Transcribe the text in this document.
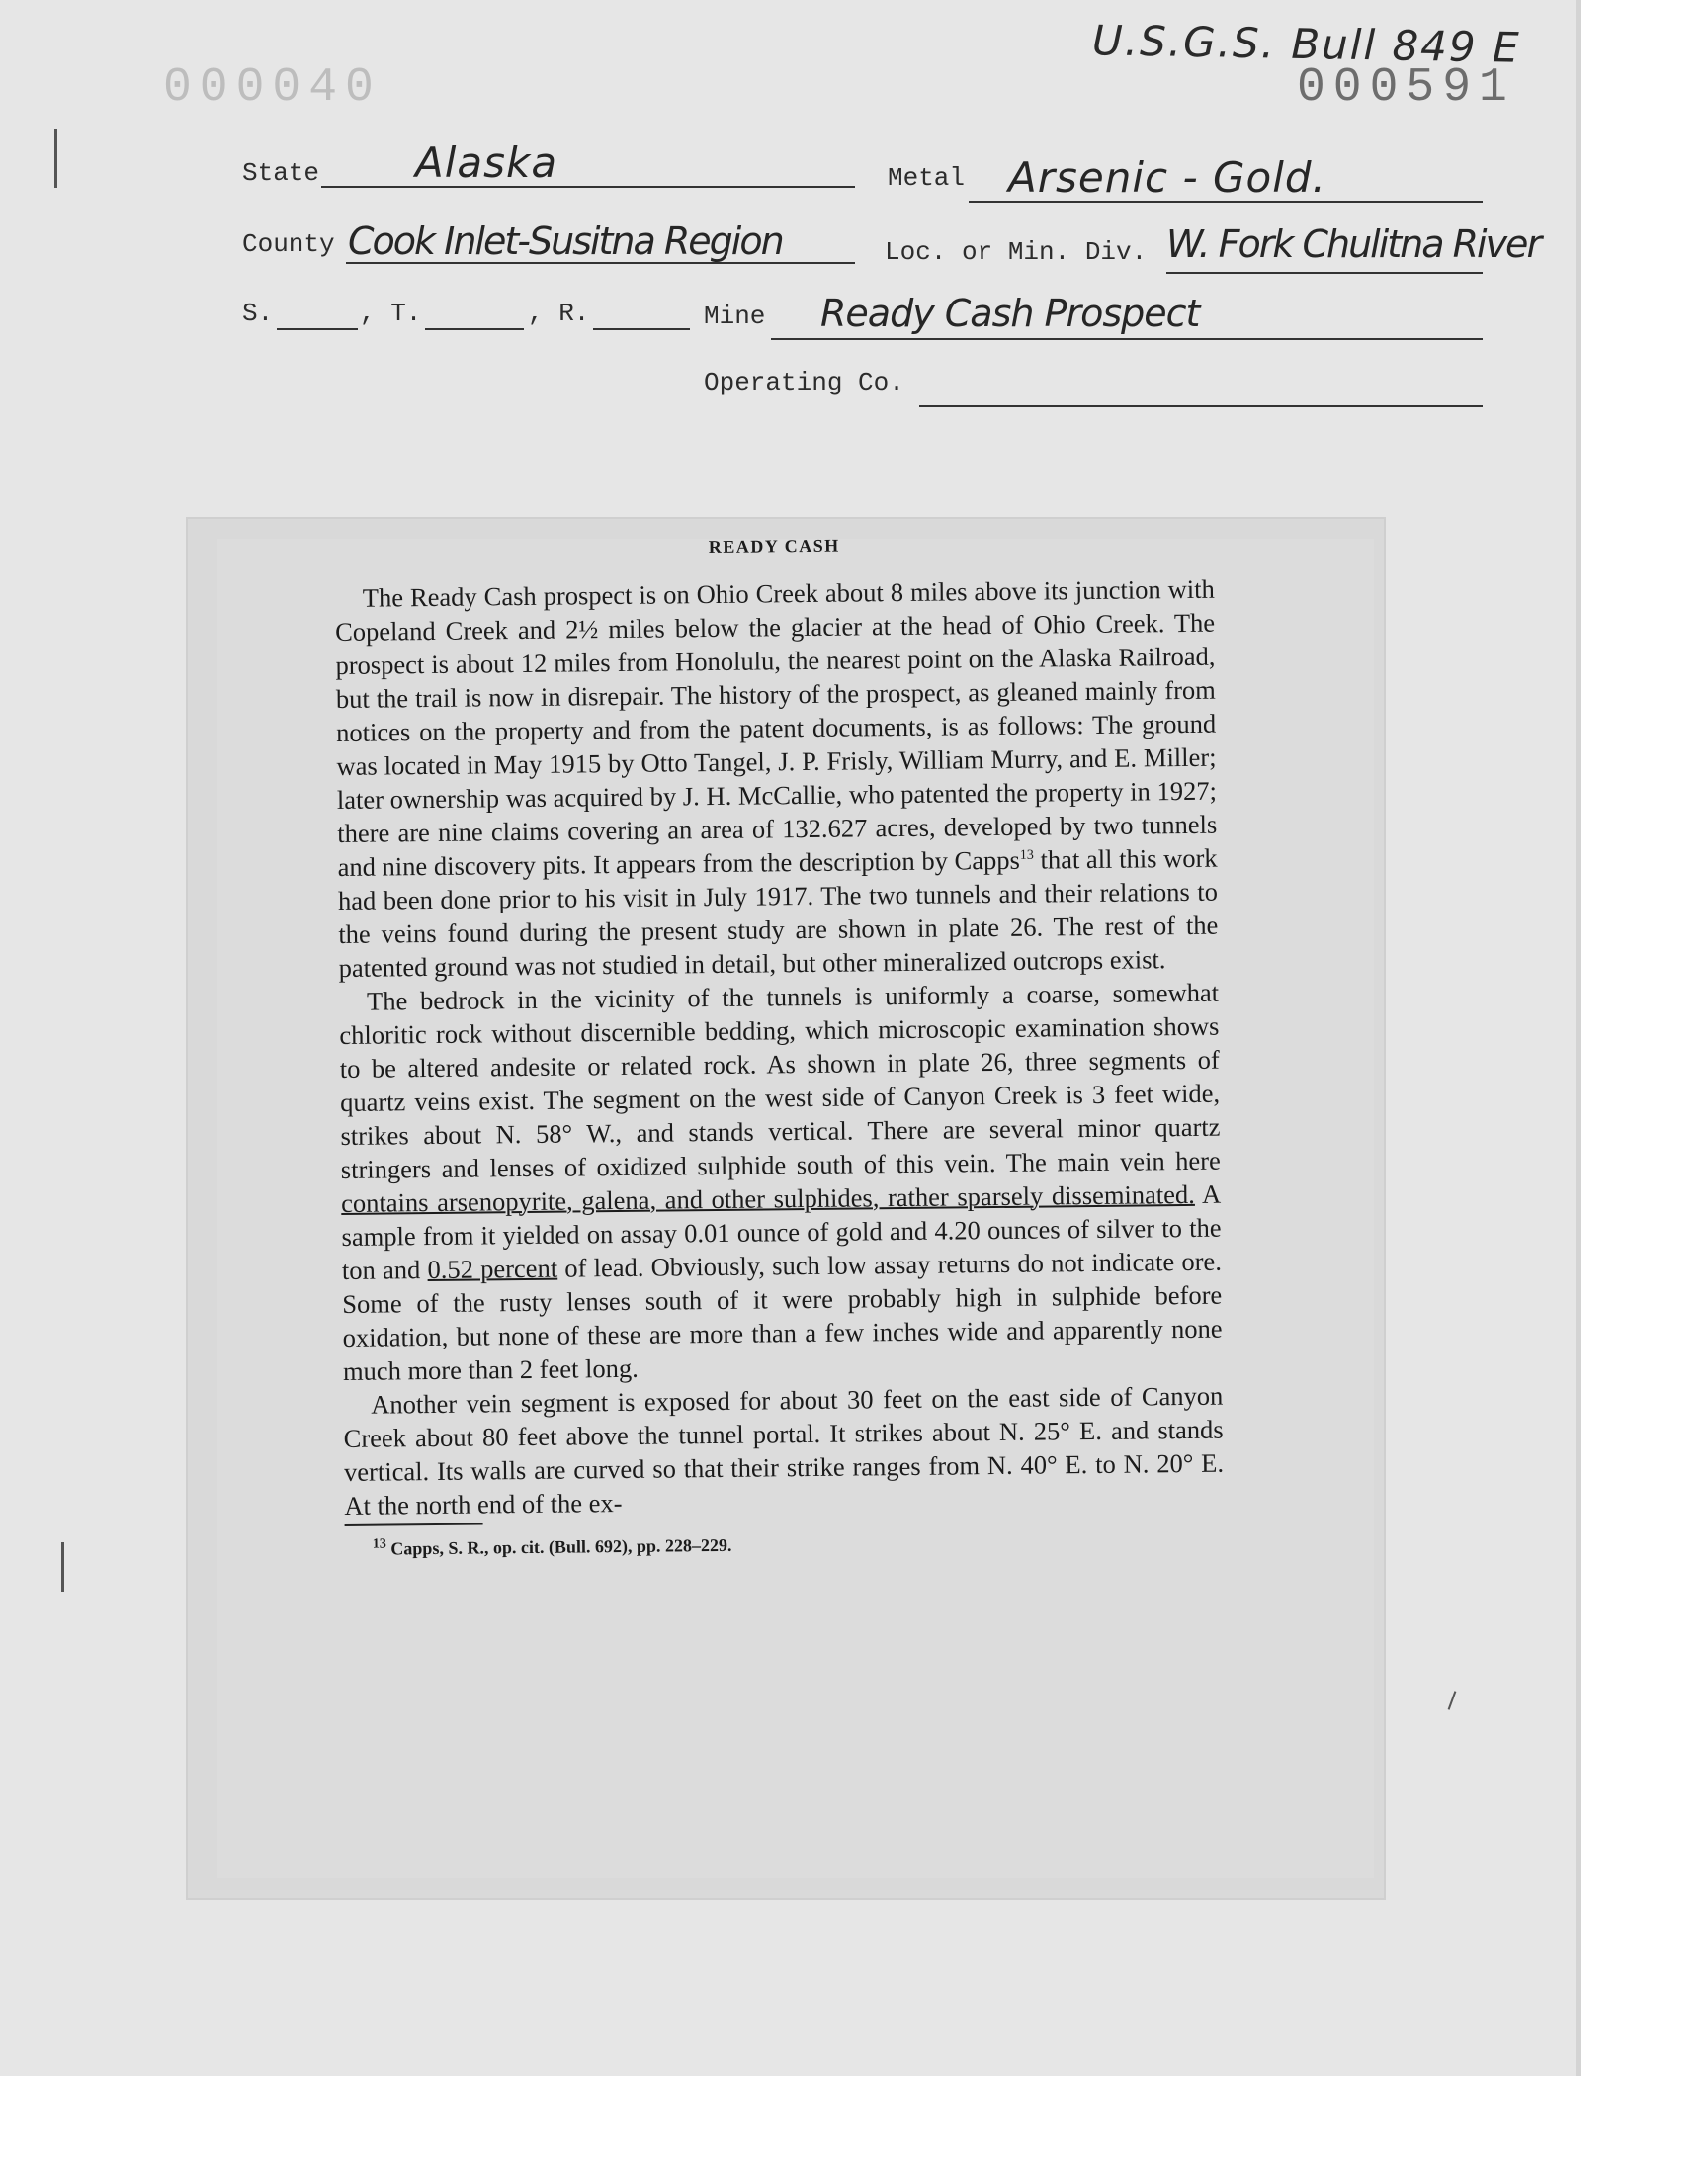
U.S.G.S. Bull 849 E
000040	000591
State Alaska	Metal Arsenic - Gold.
County Cook Inlet-Susitna Region	Loc. or Min. Div. W. Fork Chulitna River
S.	, T.	, R.	Mine Ready Cash Prospect
Operating Co.
READY CASH

The Ready Cash prospect is on Ohio Creek about 8 miles above its junction with Copeland Creek and 2½ miles below the glacier at the head of Ohio Creek. The prospect is about 12 miles from Honolulu, the nearest point on the Alaska Railroad, but the trail is now in disrepair. The history of the prospect, as gleaned mainly from notices on the property and from the patent documents, is as follows: The ground was located in May 1915 by Otto Tangel, J. P. Frisly, William Murry, and E. Miller; later ownership was acquired by J. H. McCallie, who patented the property in 1927; there are nine claims covering an area of 132.627 acres, developed by two tunnels and nine discovery pits. It appears from the description by Capps$^{13}$ that all this work had been done prior to his visit in July 1917. The two tunnels and their relations to the veins found during the present study are shown in plate 26. The rest of the patented ground was not studied in detail, but other mineralized outcrops exist.

The bedrock in the vicinity of the tunnels is uniformly a coarse, somewhat chloritic rock without discernible bedding, which microscopic examination shows to be altered andesite or related rock. As shown in plate 26, three segments of quartz veins exist. The segment on the west side of Canyon Creek is 3 feet wide, strikes about N. 58° W., and stands vertical. There are several minor quartz stringers and lenses of oxidized sulphide south of this vein. The main vein here contains arsenopyrite, galena, and other sulphides, rather sparsely disseminated. A sample from it yielded on assay 0.01 ounce of gold and 4.20 ounces of silver to the ton and 0.52 percent of lead. Obviously, such low assay returns do not indicate ore. Some of the rusty lenses south of it were probably high in sulphide before oxidation, but none of these are more than a few inches wide and apparently none much more than 2 feet long.

Another vein segment is exposed for about 30 feet on the east side of Canyon Creek about 80 feet above the tunnel portal. It strikes about N. 25° E. and stands vertical. Its walls are curved so that their strike ranges from N. 40° E. to N. 20° E. At the north end of the ex-

$^{13}$ Capps, S. R., op. cit. (Bull. 692), pp. 228–229.
